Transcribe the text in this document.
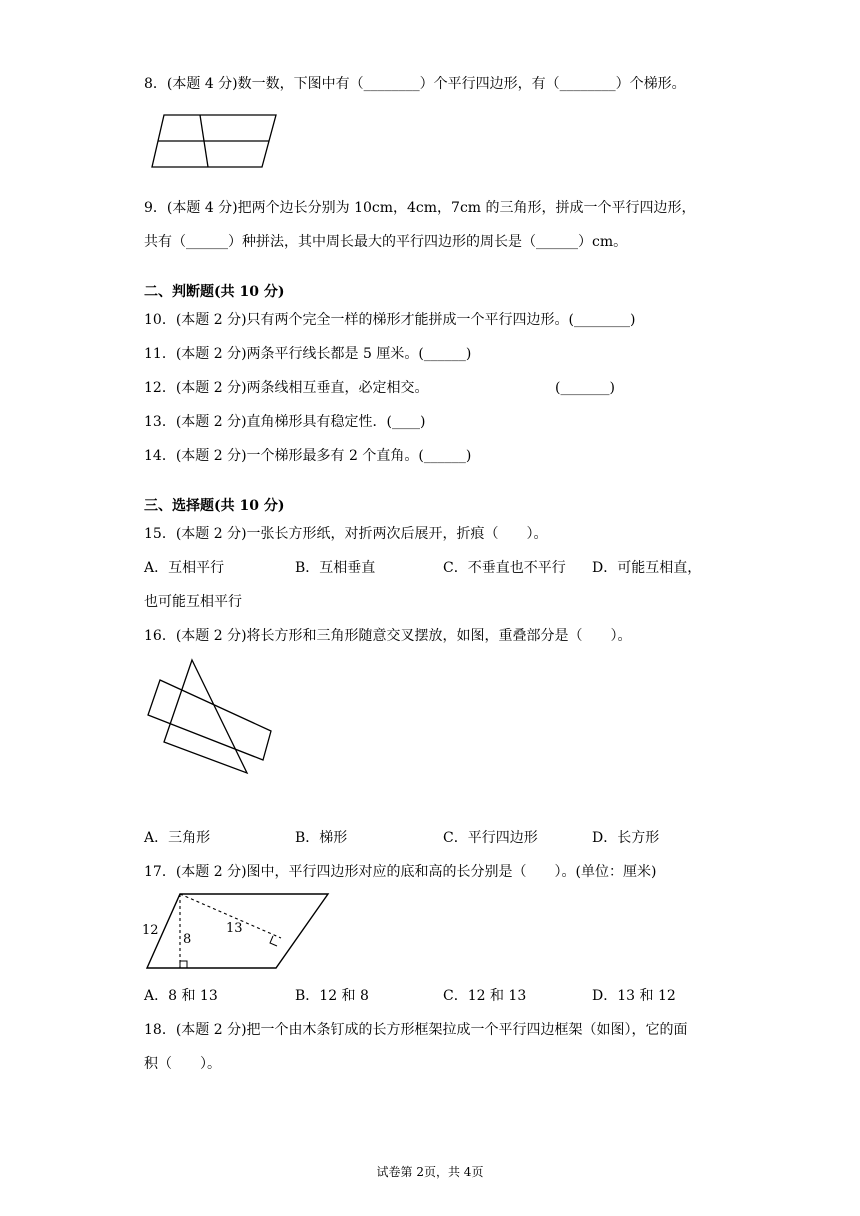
8．(本题 4 分)数一数，下图中有（________）个平行四边形，有（________）个梯形。
9．(本题 4 分)把两个边长分别为 10cm，4cm，7cm 的三角形，拼成一个平行四边形，
共有（______）种拼法，其中周长最大的平行四边形的周长是（______）cm。
二、判断题(共 10 分)
10．(本题 2 分)只有两个完全一样的梯形才能拼成一个平行四边形。(________)
11．(本题 2 分)两条平行线长都是 5 厘米。(______)
12．(本题 2 分)两条线相互垂直，必定相交。	(_______)
13．(本题 2 分)直角梯形具有稳定性．(____)
14．(本题 2 分)一个梯形最多有 2 个直角。(______)
三、选择题(共 10 分)
15．(本题 2 分)一张长方形纸，对折两次后展开，折痕（　　）。
A．互相平行	B．互相垂直	C．不垂直也不平行 D．可能互相直，
也可能互相平行
16．(本题 2 分)将长方形和三角形随意交叉摆放，如图，重叠部分是（　　）。
A．三角形	B．梯形	C．平行四边形	D．长方形
17．(本题 2 分)图中，平行四边形对应的底和高的长分别是（　　）。(单位：厘米)
12
8
13
A．8 和 13	B．12 和 8	C．12 和 13	D．13 和 12
18．(本题 2 分)把一个由木条钉成的长方形框架拉成一个平行四边框架（如图），它的面
积（　　）。
试卷第 2页，共 4页
